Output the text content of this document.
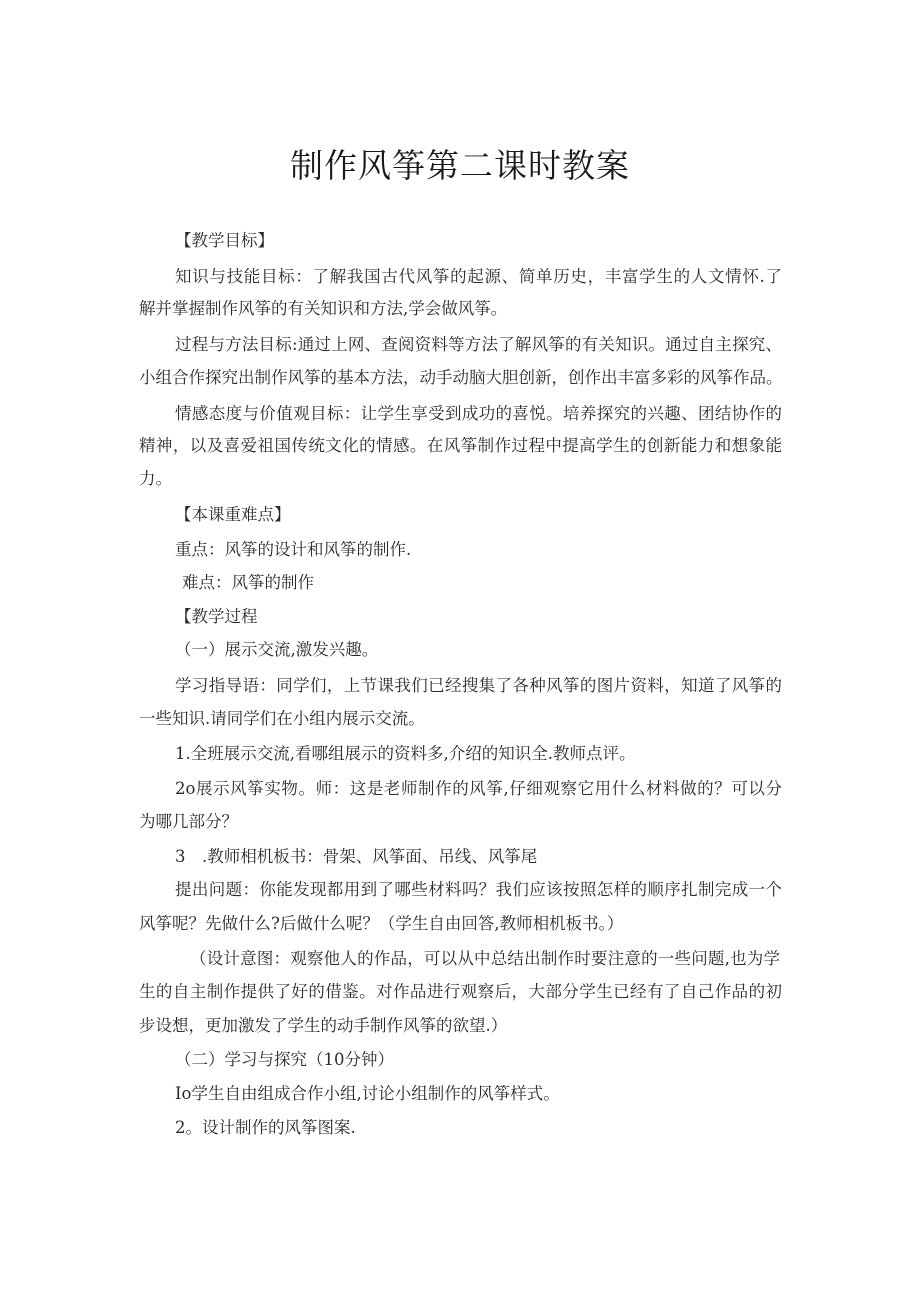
制作风筝第二课时教案

【教学目标】

知识与技能目标：了解我国古代风筝的起源、简单历史，丰富学生的人文情怀.了

解并掌握制作风筝的有关知识和方法,学会做风筝。

过程与方法目标:通过上网、查阅资料等方法了解风筝的有关知识。通过自主探究、

小组合作探究出制作风筝的基本方法，动手动脑大胆创新，创作出丰富多彩的风筝作品。

情感态度与价值观目标：让学生享受到成功的喜悦。培养探究的兴趣、团结协作的

精神，以及喜爱祖国传统文化的情感。在风筝制作过程中提高学生的创新能力和想象能

力。

【本课重难点】

重点：风筝的设计和风筝的制作.

难点：风筝的制作

【教学过程

（一）展示交流,激发兴趣。

学习指导语：同学们，上节课我们已经搜集了各种风筝的图片资料，知道了风筝的

一些知识.请同学们在小组内展示交流。

1.全班展示交流,看哪组展示的资料多,介绍的知识全.教师点评。

2o展示风筝实物。师：这是老师制作的风筝,仔细观察它用什么材料做的？可以分

为哪几部分？

3　.教师相机板书：骨架、风筝面、吊线、风筝尾

提出问题：你能发现都用到了哪些材料吗？我们应该按照怎样的顺序扎制完成一个

风筝呢？先做什么?后做什么呢？（学生自由回答,教师相机板书。）

（设计意图：观察他人的作品，可以从中总结出制作时要注意的一些问题,也为学

生的自主制作提供了好的借鉴。对作品进行观察后，大部分学生已经有了自己作品的初

步设想，更加激发了学生的动手制作风筝的欲望.）

（二）学习与探究（10分钟）

Io学生自由组成合作小组,讨论小组制作的风筝样式。

2。设计制作的风筝图案.
